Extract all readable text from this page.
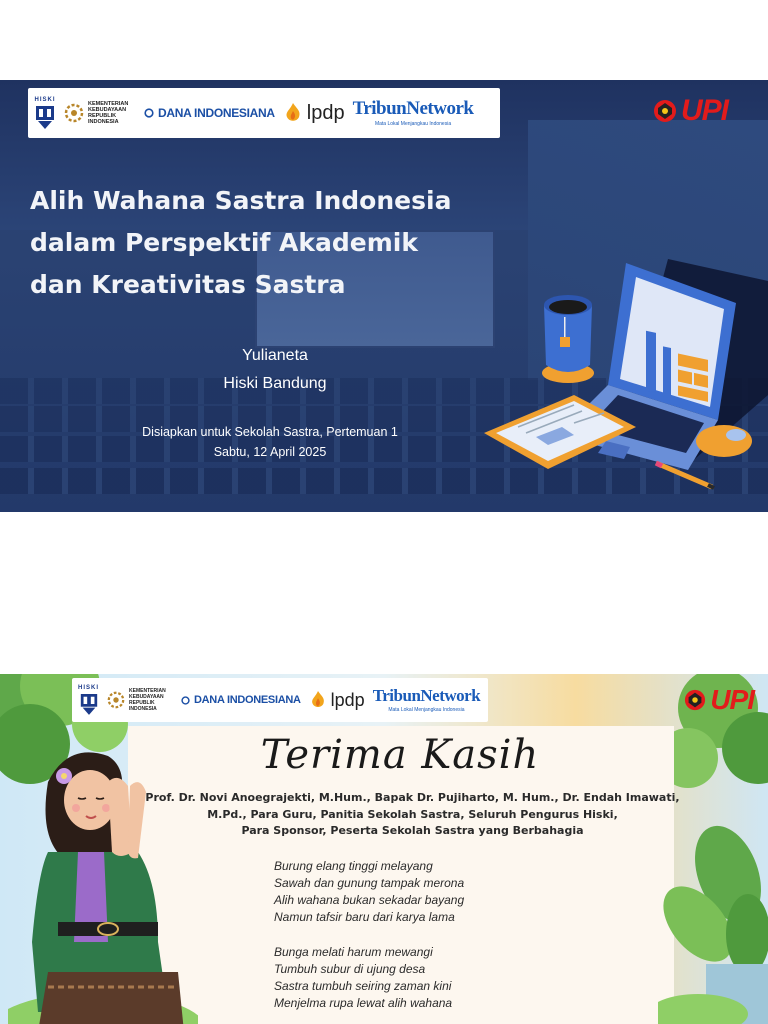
HISKI
KEMENTERIAN KEBUDAYAAN REPUBLIK INDONESIA
DANA INDONESIANA lpdp TribunNetwork
Mata Lokal Menjangkau Indonesia	UPI
Alih Wahana Sastra Indonesia
dalam Perspektif Akademik
dan Kreativitas Sastra
Yulianeta
Hiski Bandung
Disiapkan untuk Sekolah Sastra, Pertemuan 1
Sabtu, 12 April 2025
HISKI
KEMENTERIAN KEBUDAYAAN REPUBLIK INDONESIA
DANA INDONESIANA lpdp TribunNetwork
Mata Lokal Menjangkau Indonesia	UPI
Terima Kasih
Prof. Dr. Novi Anoegrajekti, M.Hum., Bapak Dr. Pujiharto, M. Hum., Dr. Endah Imawati,
M.Pd., Para Guru, Panitia Sekolah Sastra, Seluruh Pengurus Hiski,
Para Sponsor, Peserta Sekolah Sastra yang Berbahagia
Burung elang tinggi melayang
Sawah dan gunung tampak merona
Alih wahana bukan sekadar bayang
Namun tafsir baru dari karya lama
Bunga melati harum mewangi
Tumbuh subur di ujung desa
Sastra tumbuh seiring zaman kini
Menjelma rupa lewat alih wahana
